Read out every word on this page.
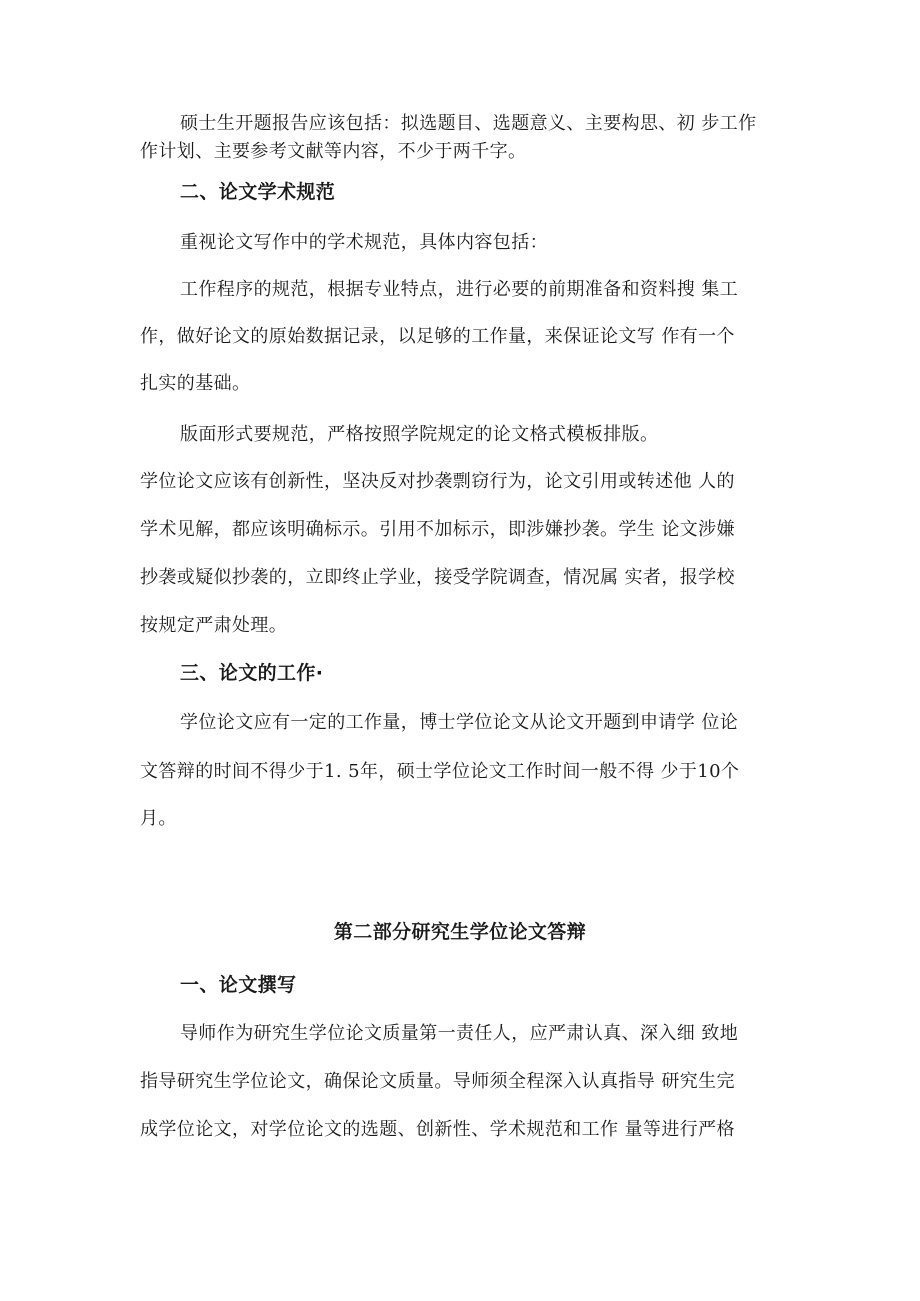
硕士生开题报告应该包括：拟选题目、选题意义、主要构思、初 步工作
作计划、主要参考文献等内容，不少于两千字。
二、论文学术规范
重视论文写作中的学术规范，具体内容包括：
工作程序的规范，根据专业特点，进行必要的前期准备和资料搜 集工
作，做好论文的原始数据记录，以足够的工作量，来保证论文写 作有一个
扎实的基础。
版面形式要规范，严格按照学院规定的论文格式模板排版。
学位论文应该有创新性，坚决反对抄袭剽窃行为，论文引用或转述他 人的
学术见解，都应该明确标示。引用不加标示，即涉嫌抄袭。学生 论文涉嫌
抄袭或疑似抄袭的，立即终止学业，接受学院调查，情况属 实者，报学校
按规定严肃处理。
三、论文的工作·
学位论文应有一定的工作量，博士学位论文从论文开题到申请学 位论
文答辩的时间不得少于1. 5年，硕士学位论文工作时间一般不得 少于10个
月。
第二部分研究生学位论文答辩
一、论文撰写
导师作为研究生学位论文质量第一责任人，应严肃认真、深入细 致地
指导研究生学位论文，确保论文质量。导师须全程深入认真指导 研究生完
成学位论文，对学位论文的选题、创新性、学术规范和工作 量等进行严格
